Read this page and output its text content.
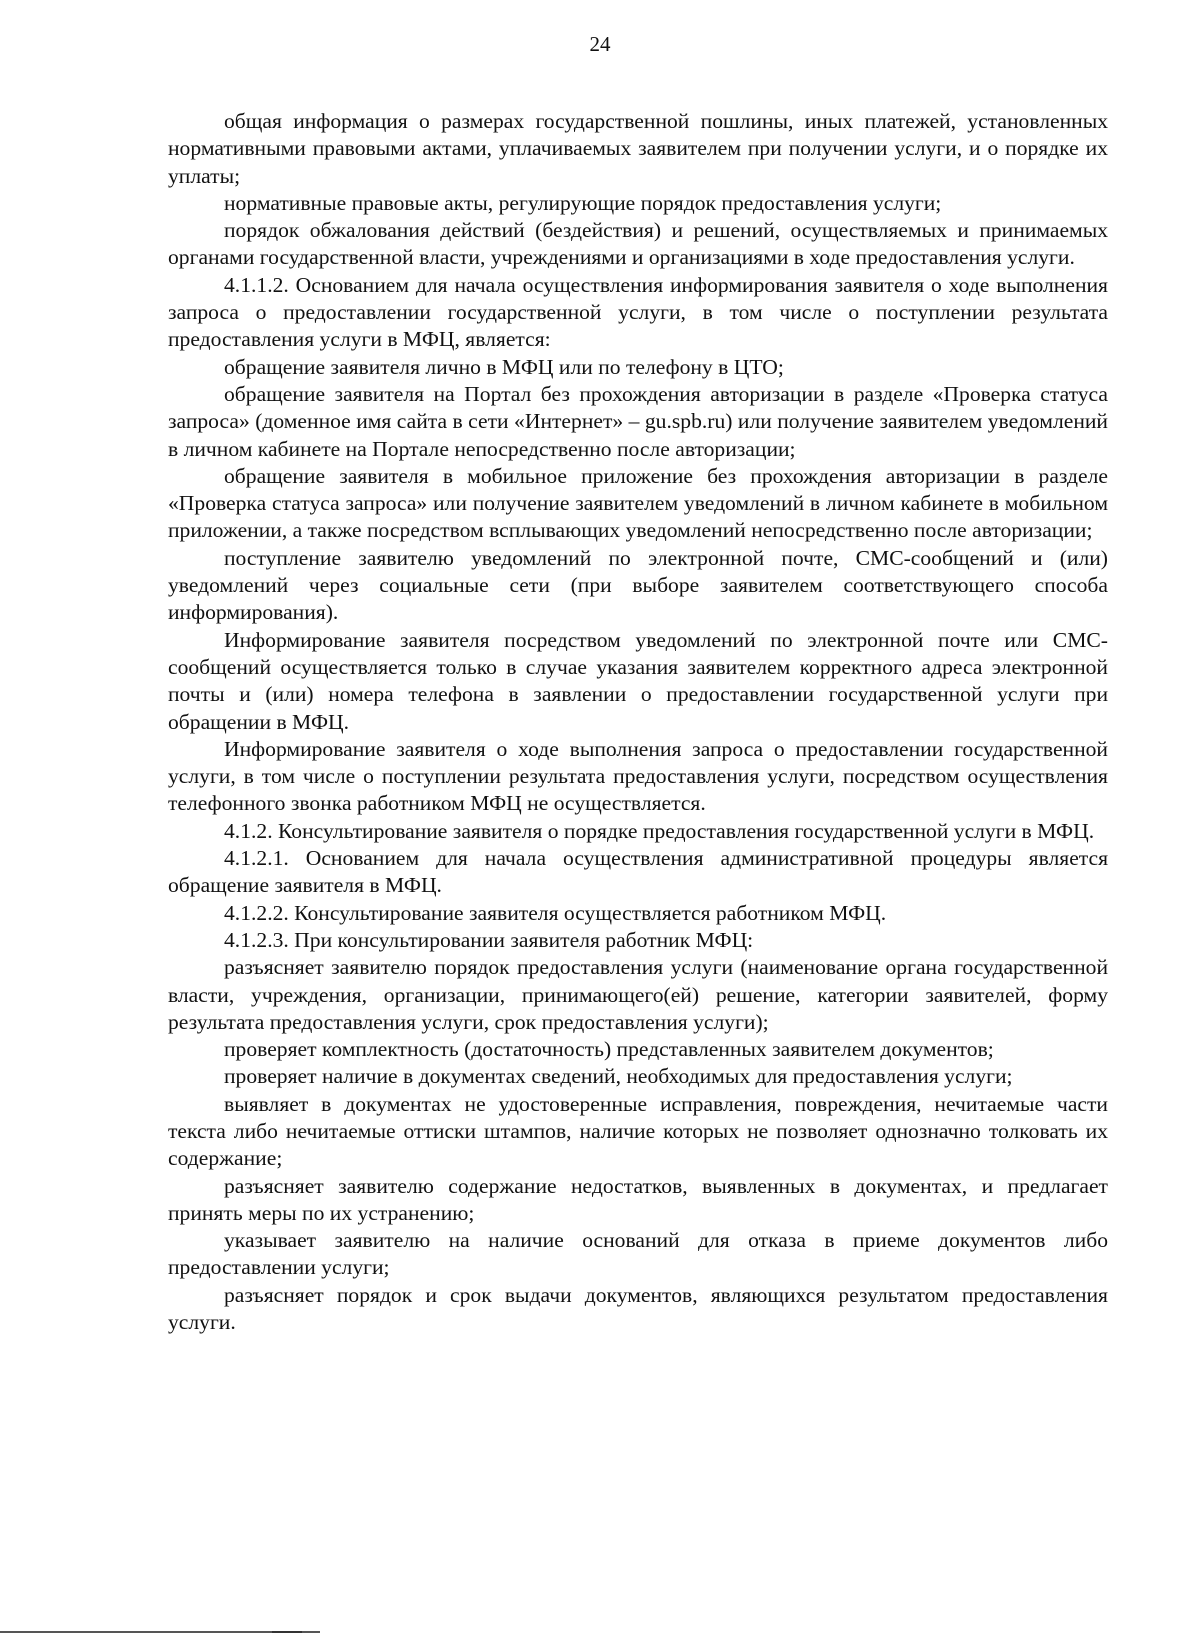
24

общая информация о размерах государственной пошлины, иных платежей, установленных нормативными правовыми актами, уплачиваемых заявителем при получении услуги, и о порядке их уплаты;

нормативные правовые акты, регулирующие порядок предоставления услуги;

порядок обжалования действий (бездействия) и решений, осуществляемых и принимаемых органами государственной власти, учреждениями и организациями в ходе предоставления услуги.

4.1.1.2. Основанием для начала осуществления информирования заявителя о ходе выполнения запроса о предоставлении государственной услуги, в том числе о поступлении результата предоставления услуги в МФЦ, является:

обращение заявителя лично в МФЦ или по телефону в ЦТО;

обращение заявителя на Портал без прохождения авторизации в разделе «Проверка статуса запроса» (доменное имя сайта в сети «Интернет» – gu.spb.ru) или получение заявителем уведомлений в личном кабинете на Портале непосредственно после авторизации;

обращение заявителя в мобильное приложение без прохождения авторизации в разделе «Проверка статуса запроса» или получение заявителем уведомлений в личном кабинете в мобильном приложении, а также посредством всплывающих уведомлений непосредственно после авторизации;

поступление заявителю уведомлений по электронной почте, СМС-сообщений и (или) уведомлений через социальные сети (при выборе заявителем соответствующего способа информирования).

Информирование заявителя посредством уведомлений по электронной почте или СМС-сообщений осуществляется только в случае указания заявителем корректного адреса электронной почты и (или) номера телефона в заявлении о предоставлении государственной услуги при обращении в МФЦ.

Информирование заявителя о ходе выполнения запроса о предоставлении государственной услуги, в том числе о поступлении результата предоставления услуги, посредством осуществления телефонного звонка работником МФЦ не осуществляется.

4.1.2. Консультирование заявителя о порядке предоставления государственной услуги в МФЦ.

4.1.2.1. Основанием для начала осуществления административной процедуры является обращение заявителя в МФЦ.

4.1.2.2. Консультирование заявителя осуществляется работником МФЦ.

4.1.2.3. При консультировании заявителя работник МФЦ:

разъясняет заявителю порядок предоставления услуги (наименование органа государственной власти, учреждения, организации, принимающего(ей) решение, категории заявителей, форму результата предоставления услуги, срок предоставления услуги);

проверяет комплектность (достаточность) представленных заявителем документов;

проверяет наличие в документах сведений, необходимых для предоставления услуги;

выявляет в документах не удостоверенные исправления, повреждения, нечитаемые части текста либо нечитаемые оттиски штампов, наличие которых не позволяет однозначно толковать их содержание;

разъясняет заявителю содержание недостатков, выявленных в документах, и предлагает принять меры по их устранению;

указывает заявителю на наличие оснований для отказа в приеме документов либо предоставлении услуги;

разъясняет порядок и срок выдачи документов, являющихся результатом предоставления услуги.
